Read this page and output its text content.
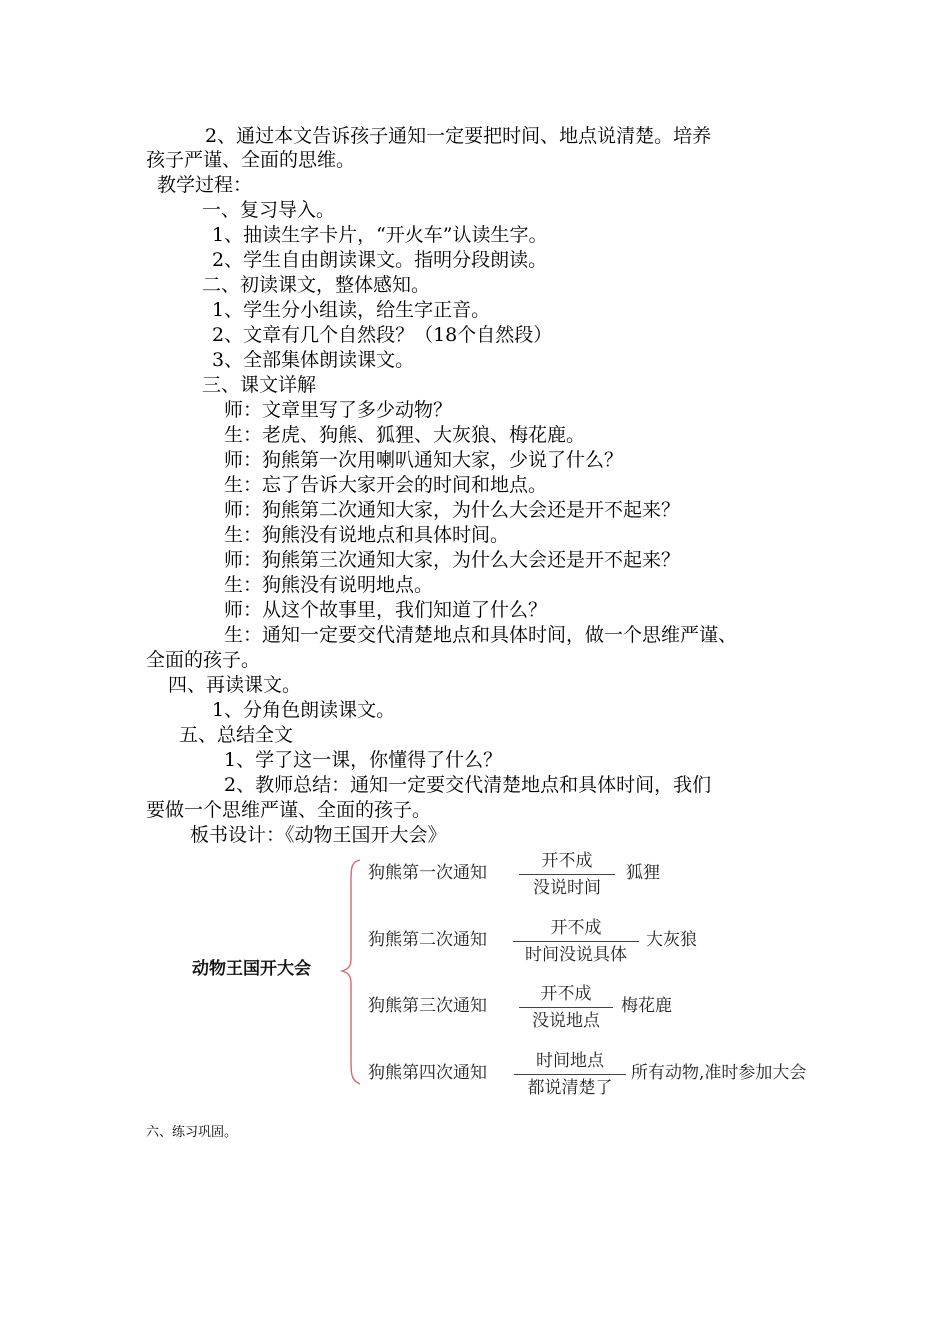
2、通过本文告诉孩子通知一定要把时间、地点说清楚。培养
孩子严谨、全面的思维。
教学过程：
一、复习导入。
1、抽读生字卡片，“开火车”认读生字。
2、学生自由朗读课文。指明分段朗读。
二、初读课文，整体感知。
1、学生分小组读，给生字正音。
2、文章有几个自然段？（18个自然段）
3、全部集体朗读课文。
三、课文详解
师：文章里写了多少动物？
生：老虎、狗熊、狐狸、大灰狼、梅花鹿。
师：狗熊第一次用喇叭通知大家，少说了什么？
生：忘了告诉大家开会的时间和地点。
师：狗熊第二次通知大家，为什么大会还是开不起来？
生：狗熊没有说地点和具体时间。
师：狗熊第三次通知大家，为什么大会还是开不起来？
生：狗熊没有说明地点。
师：从这个故事里，我们知道了什么？
生：通知一定要交代清楚地点和具体时间，做一个思维严谨、
全面的孩子。
四、再读课文。
1、分角色朗读课文。
五、总结全文
1、学了这一课，你懂得了什么？
2、教师总结：通知一定要交代清楚地点和具体时间，我们
要做一个思维严谨、全面的孩子。
板书设计：《动物王国开大会》
动物王国开大会
狗熊第一次通知
开不成
没说时间
狐狸
狗熊第二次通知
开不成
时间没说具体
大灰狼
狗熊第三次通知
开不成
没说地点
梅花鹿
狗熊第四次通知
时间地点
都说清楚了
所有动物,准时参加大会
六、练习巩固。
